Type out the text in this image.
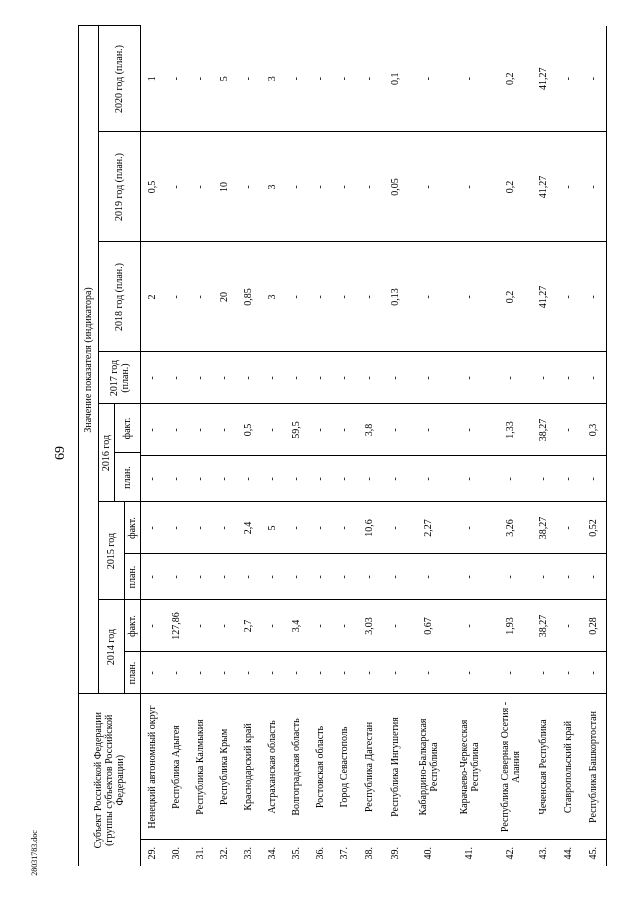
69
28031783.doc
Субъект Российской Федерации (группы субъектов Российской Федерации)	Значение показателя (индикатора)
2014 год	2015 год	2016 год	2017 год (план.)	2018 год (план.)	2019 год (план.)	2020 год (план.)

план.	факт.

план.	факт.	план.	факт.
29.	Ненецкий автономный округ	-	-	-	-	-	-	-	2	0,5	1
30.	Республика Адыгея	-	127,86	-	-	-	-	-	-	-	-
31.	Республика Калмыкия	-	-	-	-	-	-	-	-	-	-
32.	Республика Крым	-	-	-	-	-	-	-	20	10	5
33.	Краснодарский край	-	2,7	-	2,4	-	0,5	-	0,85	-	-
34.	Астраханская область	-	-	-	5	-	-	-	3	3	3
35.	Волгоградская область	-	3,4	-	-	-	59,5	-	-	-	-
36.	Ростовская область	-	-	-	-	-	-	-	-	-	-
37.	Город Севастополь	-	-	-	-	-	-	-	-	-	-
38.	Республика Дагестан	-	3,03	-	10,6	-	3,8	-	-	-	-
39.	Республика Ингушетия	-	-	-	-	-	-	-	0,13	0,05	0,1
40.	Кабардино-Балкарская Республика	-	0,67	-	2,27	-	-	-	-	-	-
41.	Карачаево-Черкесская Республика	-	-	-	-	-	-	-	-	-	-
42.	Республика Северная Осетия - Алания	-	1,93	-	3,26	-	1,33	-	0,2	0,2	0,2
43.	Чеченская Республика	-	38,27	-	38,27	-	38,27	-	41,27	41,27	41,27
44.	Ставропольский край	-	-	-	-	-	-	-	-	-	-
45.	Республика Башкортостан	-	0,28	-	0,52	-	0,3	-	-	-	-
